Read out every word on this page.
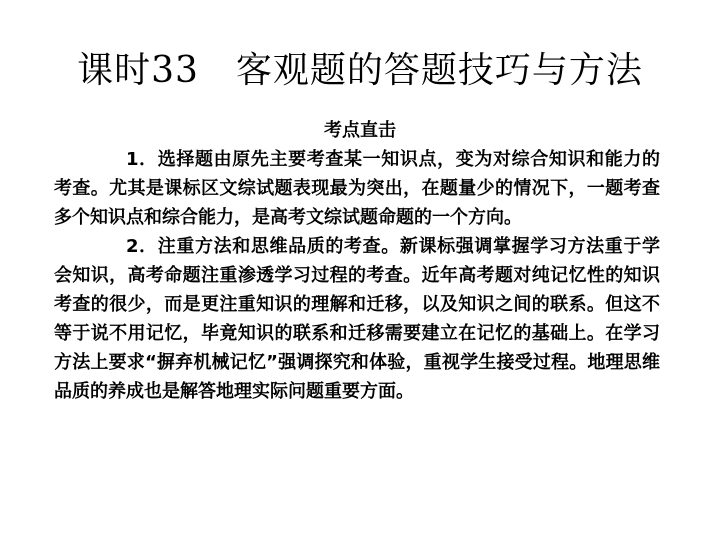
课时33　客观题的答题技巧与方法
考点直击

1．选择题由原先主要考查某一知识点，变为对综合知识和能力的考查。尤其是课标区文综试题表现最为突出，在题量少的情况下，一题考查多个知识点和综合能力，是高考文综试题命题的一个方向。

2．注重方法和思维品质的考查。新课标强调掌握学习方法重于学会知识，高考命题注重渗透学习过程的考查。近年高考题对纯记忆性的知识考查的很少，而是更注重知识的理解和迁移，以及知识之间的联系。但这不等于说不用记忆，毕竟知识的联系和迁移需要建立在记忆的基础上。在学习方法上要求“摒弃机械记忆”强调探究和体验，重视学生接受过程。地理思维品质的养成也是解答地理实际问题重要方面。
